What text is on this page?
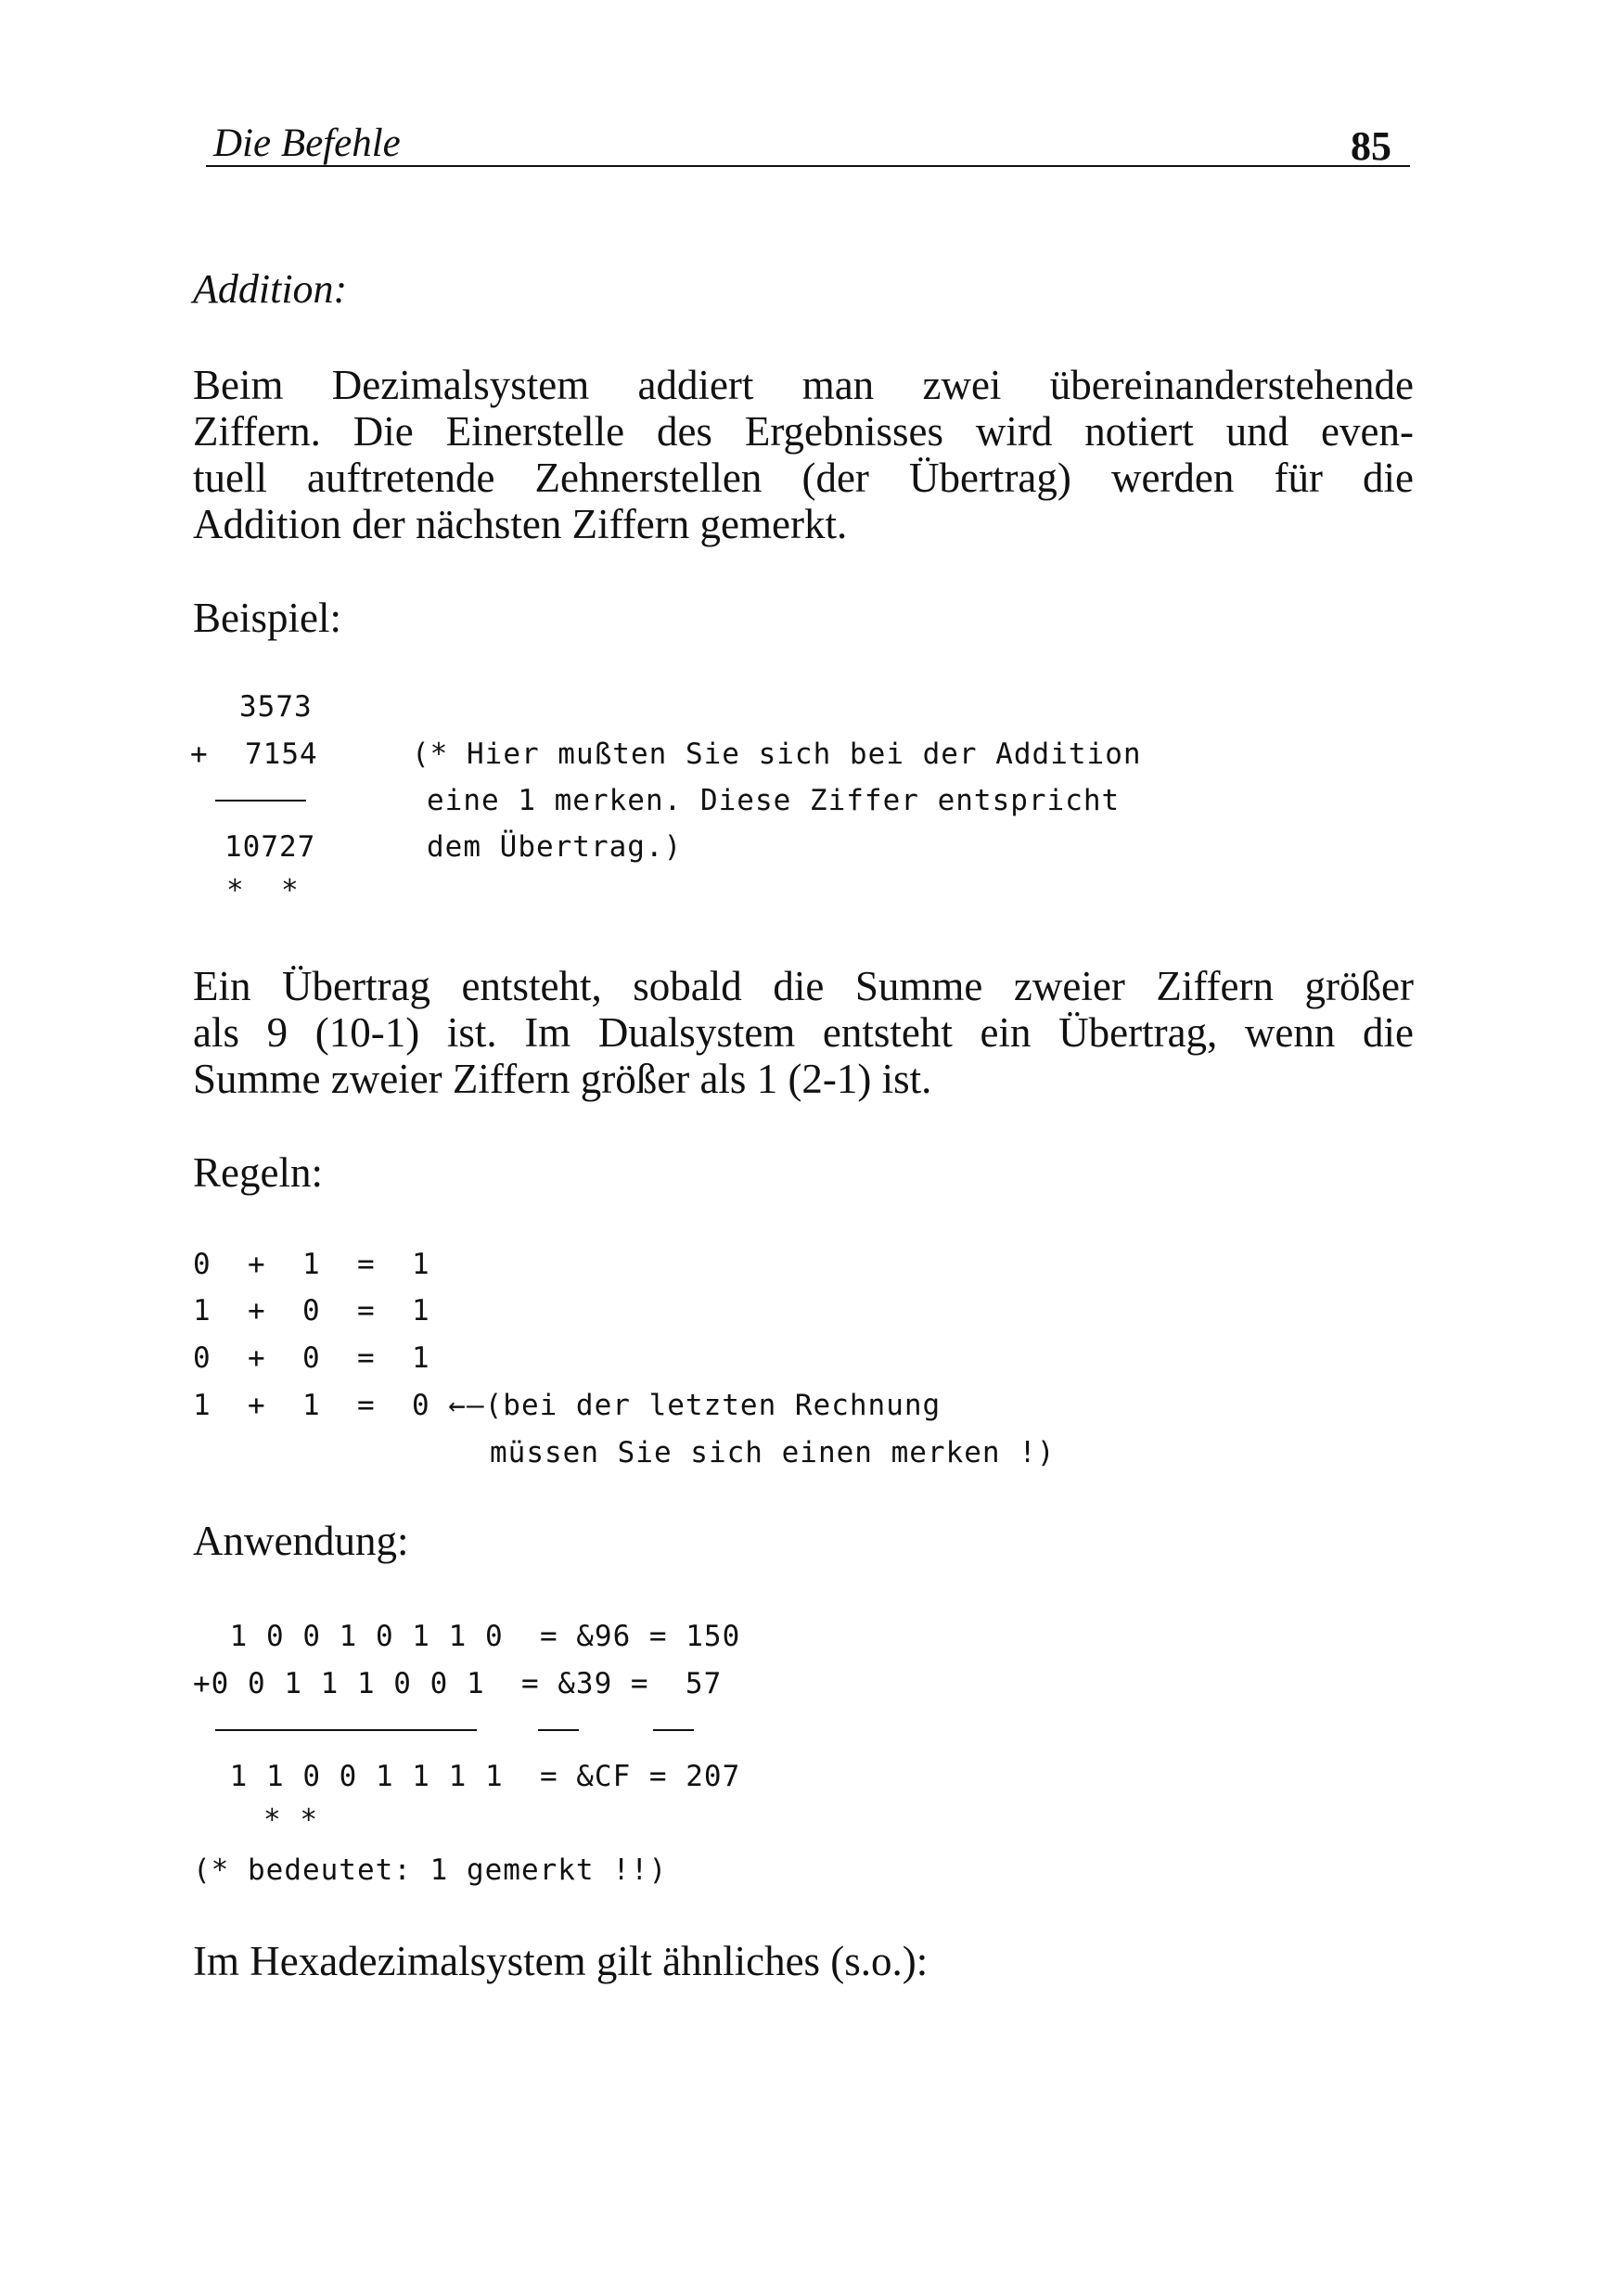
Die Befehle	85
Addition:
Beim Dezimalsystem addiert man zwei übereinanderstehende
Ziffern. Die Einerstelle des Ergebnisses wird notiert und even-
tuell auftretende Zehnerstellen (der Übertrag) werden für die
Addition der nächsten Ziffern gemerkt.
Beispiel:
3573
+  7154
10727
*  *
(* Hier mußten Sie sich bei der Addition
eine 1 merken. Diese Ziffer entspricht
dem Übertrag.)
Ein Übertrag entsteht, sobald die Summe zweier Ziffern größer
als 9 (10-1) ist. Im Dualsystem entsteht ein Übertrag, wenn die
Summe zweier Ziffern größer als 1 (2-1) ist.
Regeln:
0  +  1  =  1
1  +  0  =  1
0  +  0  =  1
1  +  1  =  0 ←—(bei der letzten Rechnung
müssen Sie sich einen merken !)
Anwendung:
1 0 0 1 0 1 1 0  = &96 = 150
+0 0 1 1 1 0 0 1  = &39 =  57
1 1 0 0 1 1 1 1  = &CF = 207
* *
(* bedeutet: 1 gemerkt !!)
Im Hexadezimalsystem gilt ähnliches (s.o.):
